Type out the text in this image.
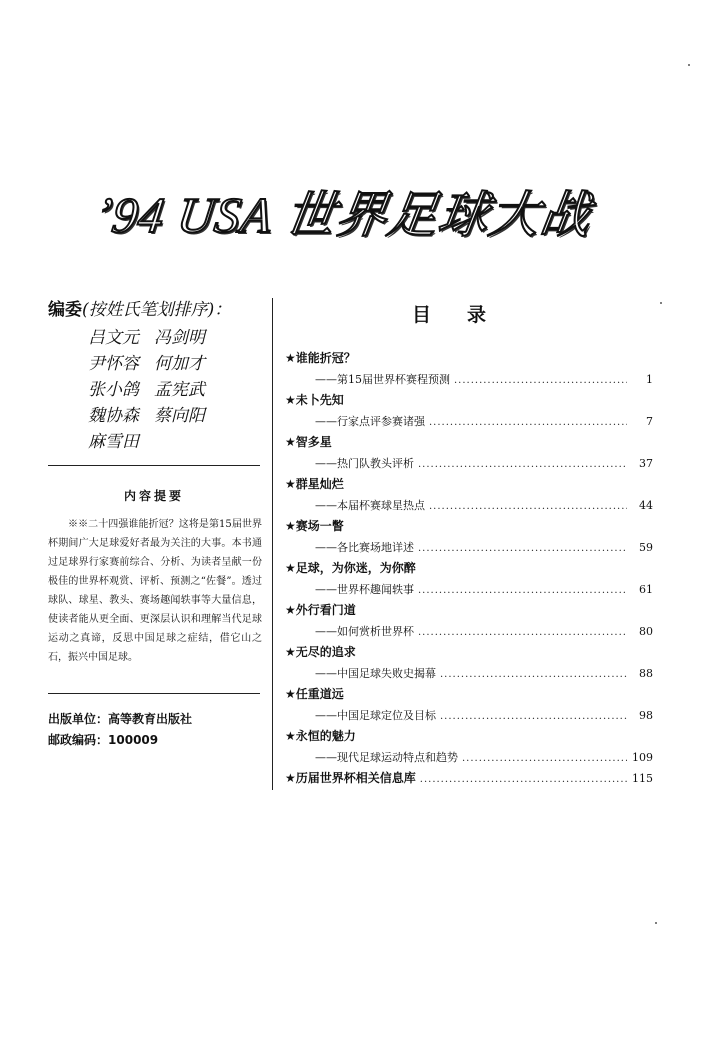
’94 USA 世界足球大战
编委(按姓氏笔划排序)：
吕文元 冯剑明
尹怀容 何加才
张小鸽 孟宪武
魏协森 蔡向阳
麻雪田
内容提要
※※二十四强谁能折冠？这将是第15届世界杯期间广大足球爱好者最为关注的大事。本书通过足球界行家赛前综合、分析、为读者呈献一份极佳的世界杯观赏、评析、预测之“佐餐”。透过球队、球星、教头、赛场趣闻轶事等大量信息，使读者能从更全面、更深层认识和理解当代足球运动之真谛，反思中国足球之症结，借它山之石，振兴中国足球。
出版单位：高等教育出版社
邮政编码：100009
目录
★谁能折冠？
——第15届世界杯赛程预测 .....	1
★未卜先知
——行家点评参赛诸强 .....	7
★智多星
——热门队教头评析 .....	37
★群星灿烂
——本届杯赛球星热点 .....	44
★赛场一瞥
——各比赛场地详述 .....	59
★足球，为你迷，为你醉
——世界杯趣闻轶事 .....	61
★外行看门道
——如何赏析世界杯 .....	80
★无尽的追求
——中国足球失败史揭幕 .....	88
★任重道远
——中国足球定位及目标 .....	98
★永恒的魅力
——现代足球运动特点和趋势 .....	109
★历届世界杯相关信息库 .....	115
